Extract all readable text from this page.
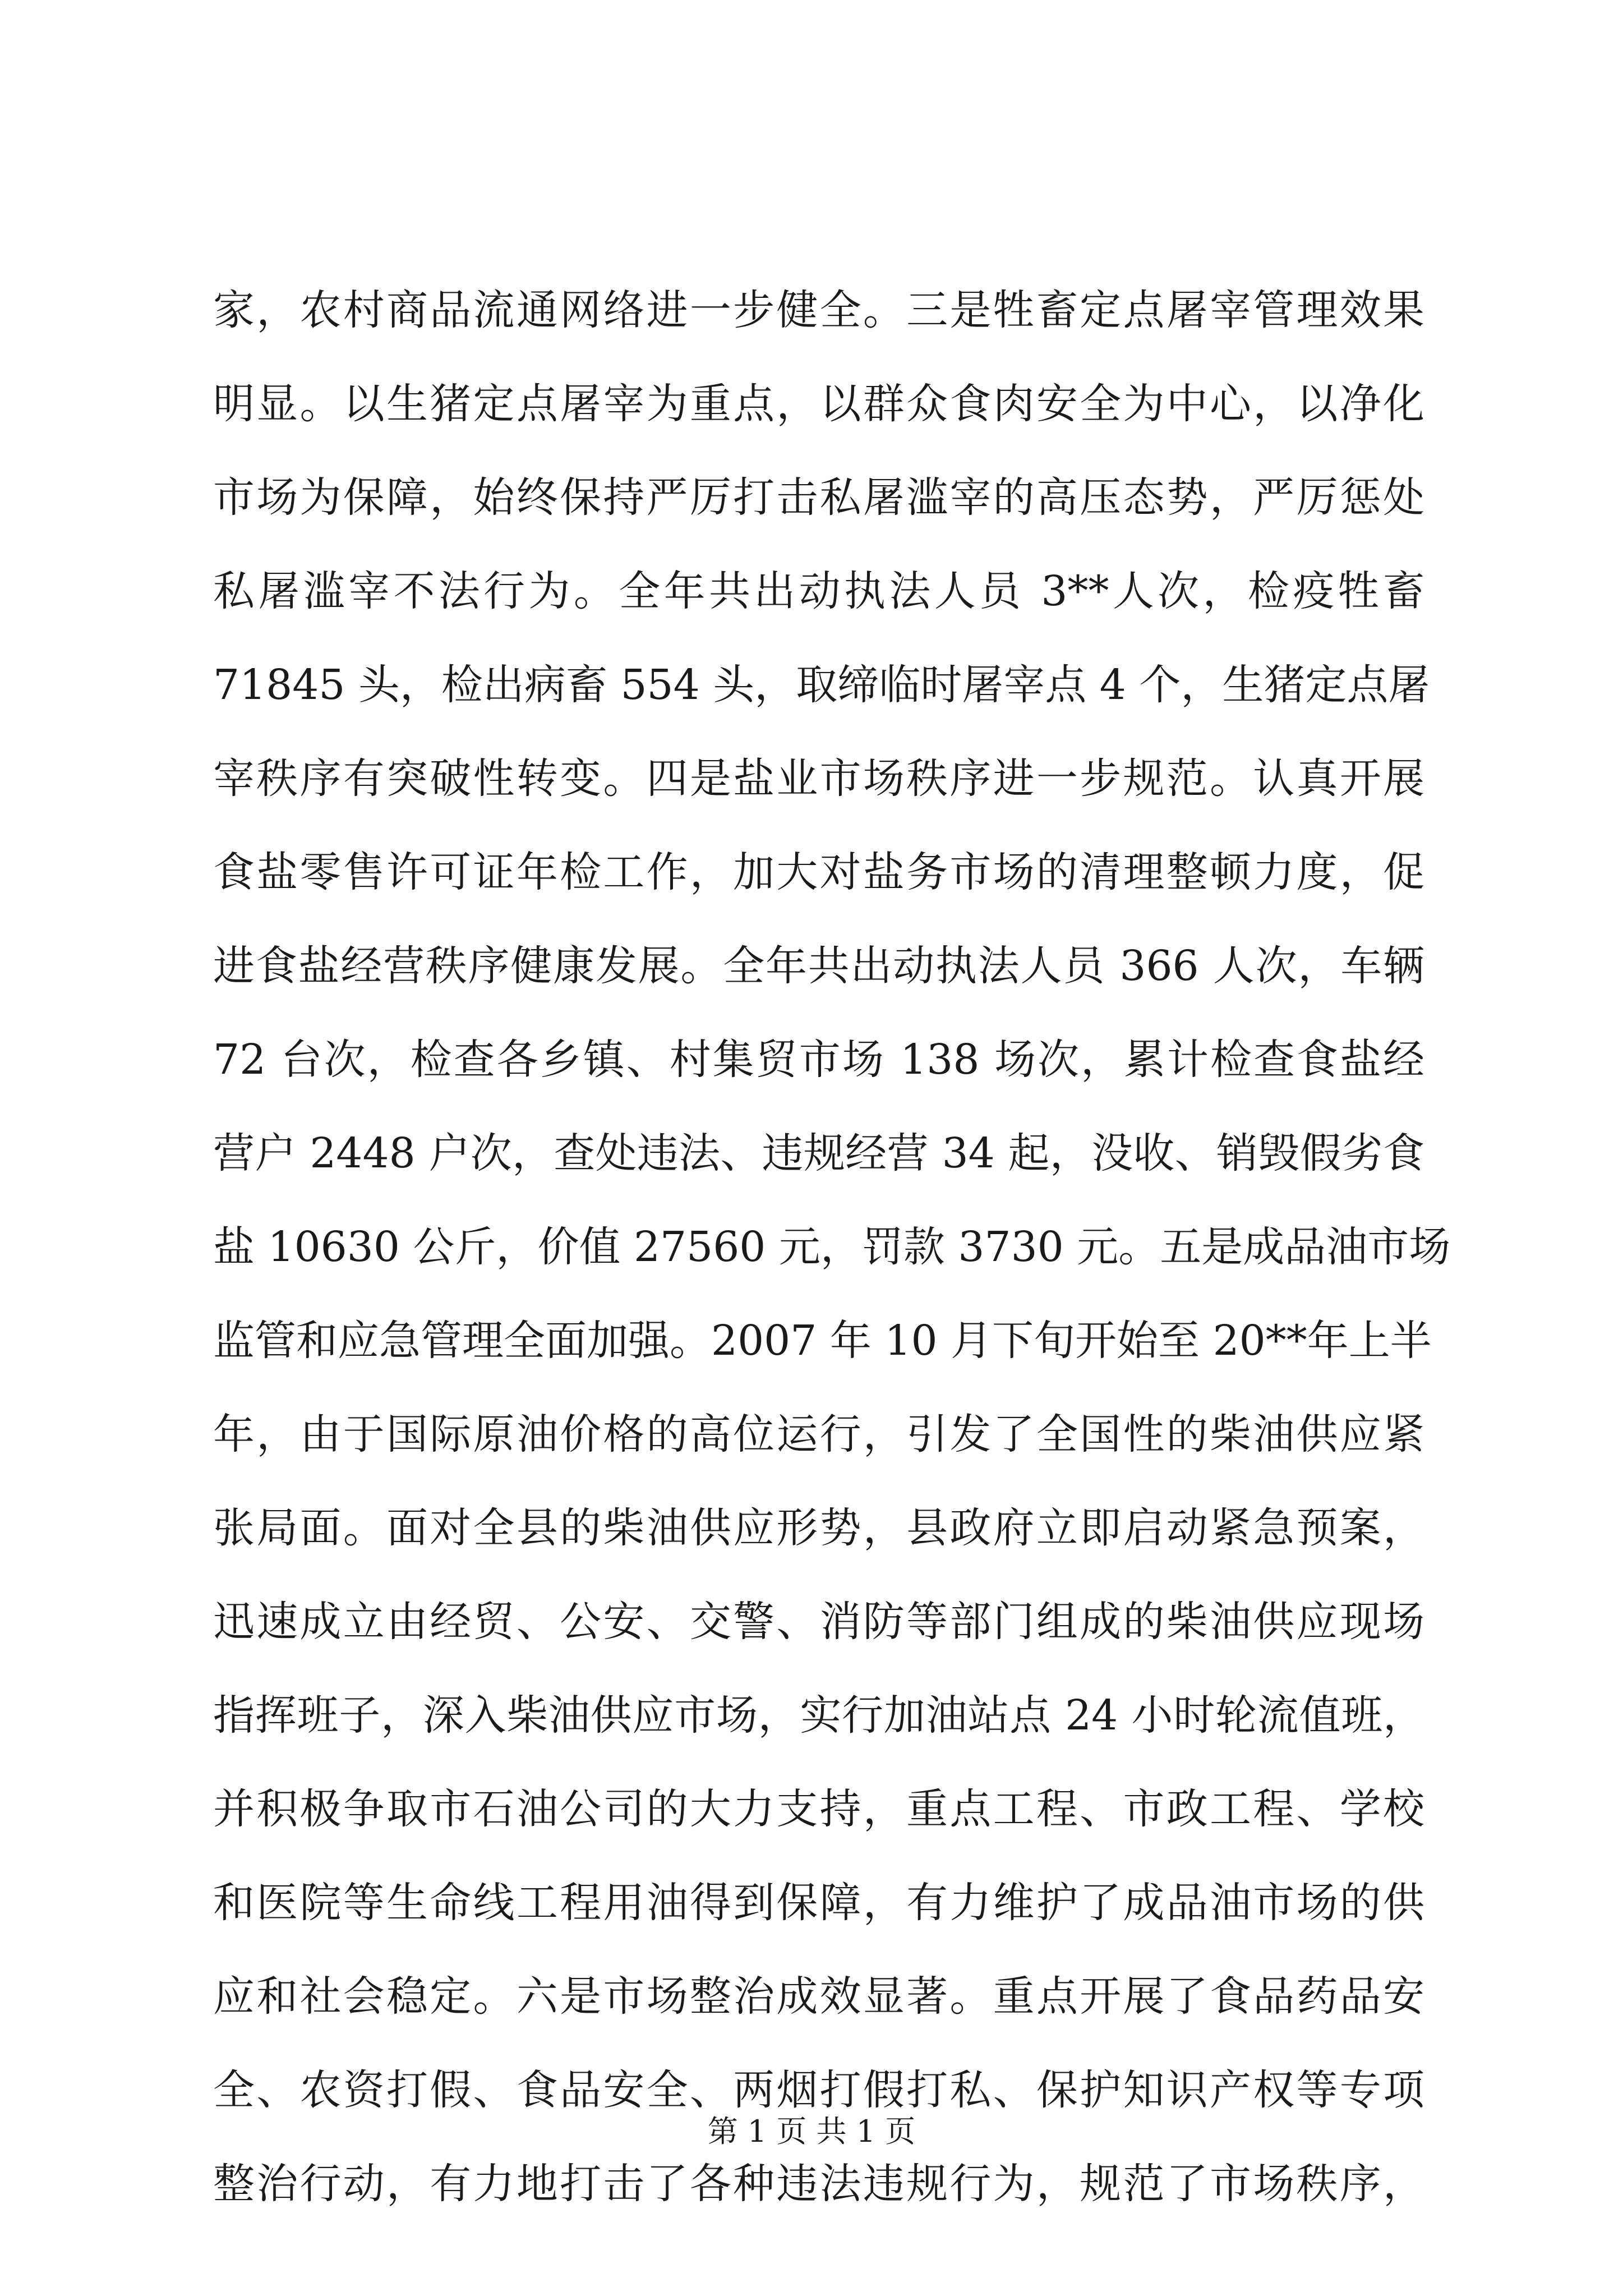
家，农村商品流通网络进一步健全。三是牲畜定点屠宰管理效果
明显。以生猪定点屠宰为重点，以群众食肉安全为中心，以净化
市场为保障，始终保持严厉打击私屠滥宰的高压态势，严厉惩处
私屠滥宰不法行为。全年共出动执法人员 3**人次，检疫牲畜
71845 头，检出病畜 554 头，取缔临时屠宰点 4 个，生猪定点屠
宰秩序有突破性转变。四是盐业市场秩序进一步规范。认真开展
食盐零售许可证年检工作，加大对盐务市场的清理整顿力度，促
进食盐经营秩序健康发展。全年共出动执法人员 366 人次，车辆
72 台次，检查各乡镇、村集贸市场 138 场次，累计检查食盐经
营户 2448 户次，查处违法、违规经营 34 起，没收、销毁假劣食
盐 10630 公斤，价值 27560 元，罚款 3730 元。五是成品油市场
监管和应急管理全面加强。2007 年 10 月下旬开始至 20**年上半
年，由于国际原油价格的高位运行，引发了全国性的柴油供应紧
张局面。面对全县的柴油供应形势，县政府立即启动紧急预案，
迅速成立由经贸、公安、交警、消防等部门组成的柴油供应现场
指挥班子，深入柴油供应市场，实行加油站点 24 小时轮流值班，
并积极争取市石油公司的大力支持，重点工程、市政工程、学校
和医院等生命线工程用油得到保障，有力维护了成品油市场的供
应和社会稳定。六是市场整治成效显著。重点开展了食品药品安
全、农资打假、食品安全、两烟打假打私、保护知识产权等专项
整治行动，有力地打击了各种违法违规行为，规范了市场秩序，
第 1 页 共 1 页
